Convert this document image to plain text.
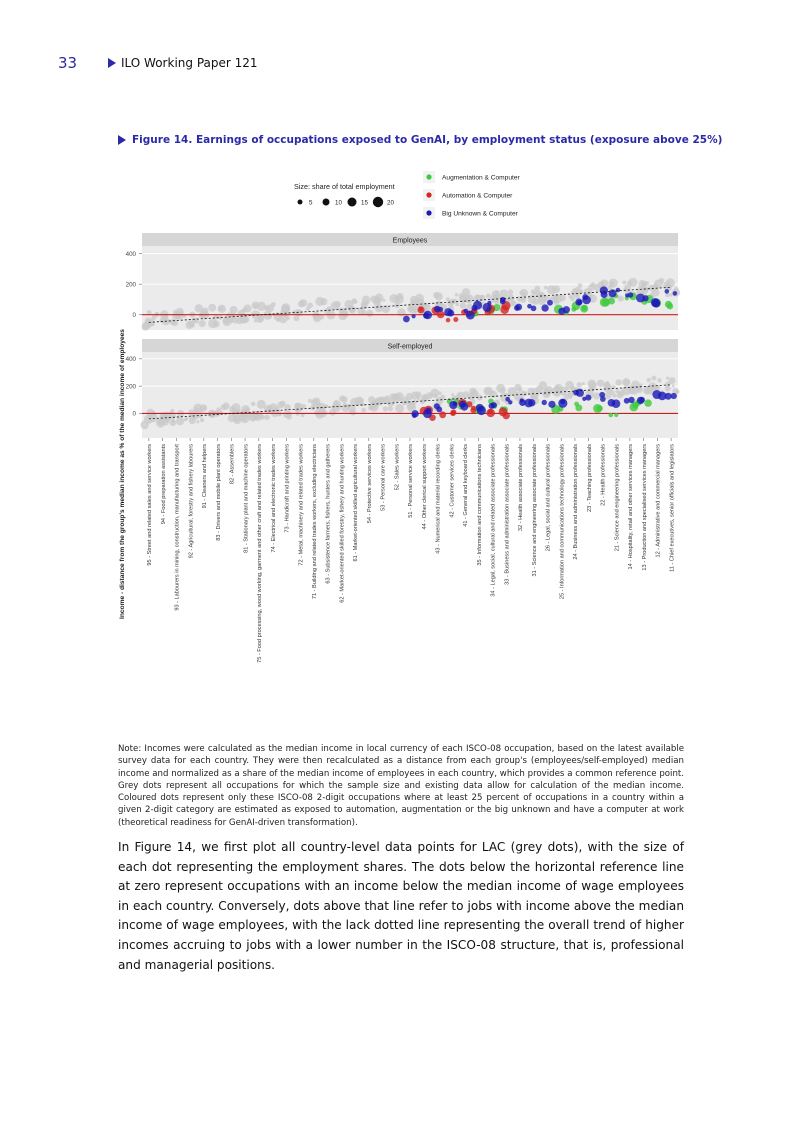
33	ILO Working Paper 121
Figure 14. Earnings of occupations exposed to GenAI, by employment status (exposure above 25%)
Income - distance from the group's median income as % of the median income of employees
Size: share of total employment
5	10	15	20
Augmentation & Computer
Automation & Computer
Big Unknown & Computer
Employees
400
200
0
Self-employed
400
200
0
95 - Street and related sales and service workers 94 - Food preparation assistants 93 - Labourers in mining, construction, manufacturing and transport 92 - Agricultural, forestry and fishery labourers 91 - Cleaners and helpers 83 - Drivers and mobile plant operators 82 - Assemblers 81 - Stationary plant and machine operators 75 - Food processing, wood working, garment and other craft and related trades workers 74 - Electrical and electronic trades workers 73 - Handicraft and printing workers 72 - Metal, machinery and related trades workers 71 - Building and related trades workers, excluding electricians 63 - Subsistence farmers, fishers, hunters and gatherers 62 - Market-oriented skilled forestry, fishery and hunting workers 61 - Market-oriented skilled agricultural workers 54 - Protective services workers 53 - Personal care workers 52 - Sales workers 51 - Personal service workers 44 - Other clerical support workers 43 - Numerical and material recording clerks 42 - Customer services clerks 41 - General and keyboard clerks 35 - Information and communications technicians 34 - Legal, social, cultural and related associate professionals 33 - Business and administration associate professionals 32 - Health associate professionals 31 - Science and engineering associate professionals 26 - Legal, social and cultural professionals 25 - Information and communications technology professionals 24 - Business and administration professionals 23 - Teaching professionals 22 - Health professionals 21 - Science and engineering professionals 14 - Hospitality, retail and other services managers 13 - Production and specialised services managers 12 - Administrative and commercial managers 11 - Chief executives, senior officials and legislators
Note: Incomes were calculated as the median income in local currency of each ISCO-08 occupation, based on the latest available survey data for each country. They were then recalculated as a distance from each group's (employees/self-employed) median income and normalized as a share of the median income of employees in each country, which provides a common reference point. Grey dots represent all occupations for which the sample size and existing data allow for calculation of the median income. Coloured dots represent only these ISCO-08 2-digit occupations where at least 25 percent of occupations in a country within a given 2-digit category are estimated as exposed to automation, augmentation or the big unknown and have a computer at work (theoretical readiness for GenAI-driven transformation).
In Figure 14, we first plot all country-level data points for LAC (grey dots), with the size of each dot representing the employment shares. The dots below the horizontal reference line at zero represent occupations with an income below the median income of wage employees in each country. Conversely, dots above that line refer to jobs with income above the median income of wage employees, with the lack dotted line representing the overall trend of higher incomes accruing to jobs with a lower number in the ISCO-08 structure, that is, professional and managerial positions.
